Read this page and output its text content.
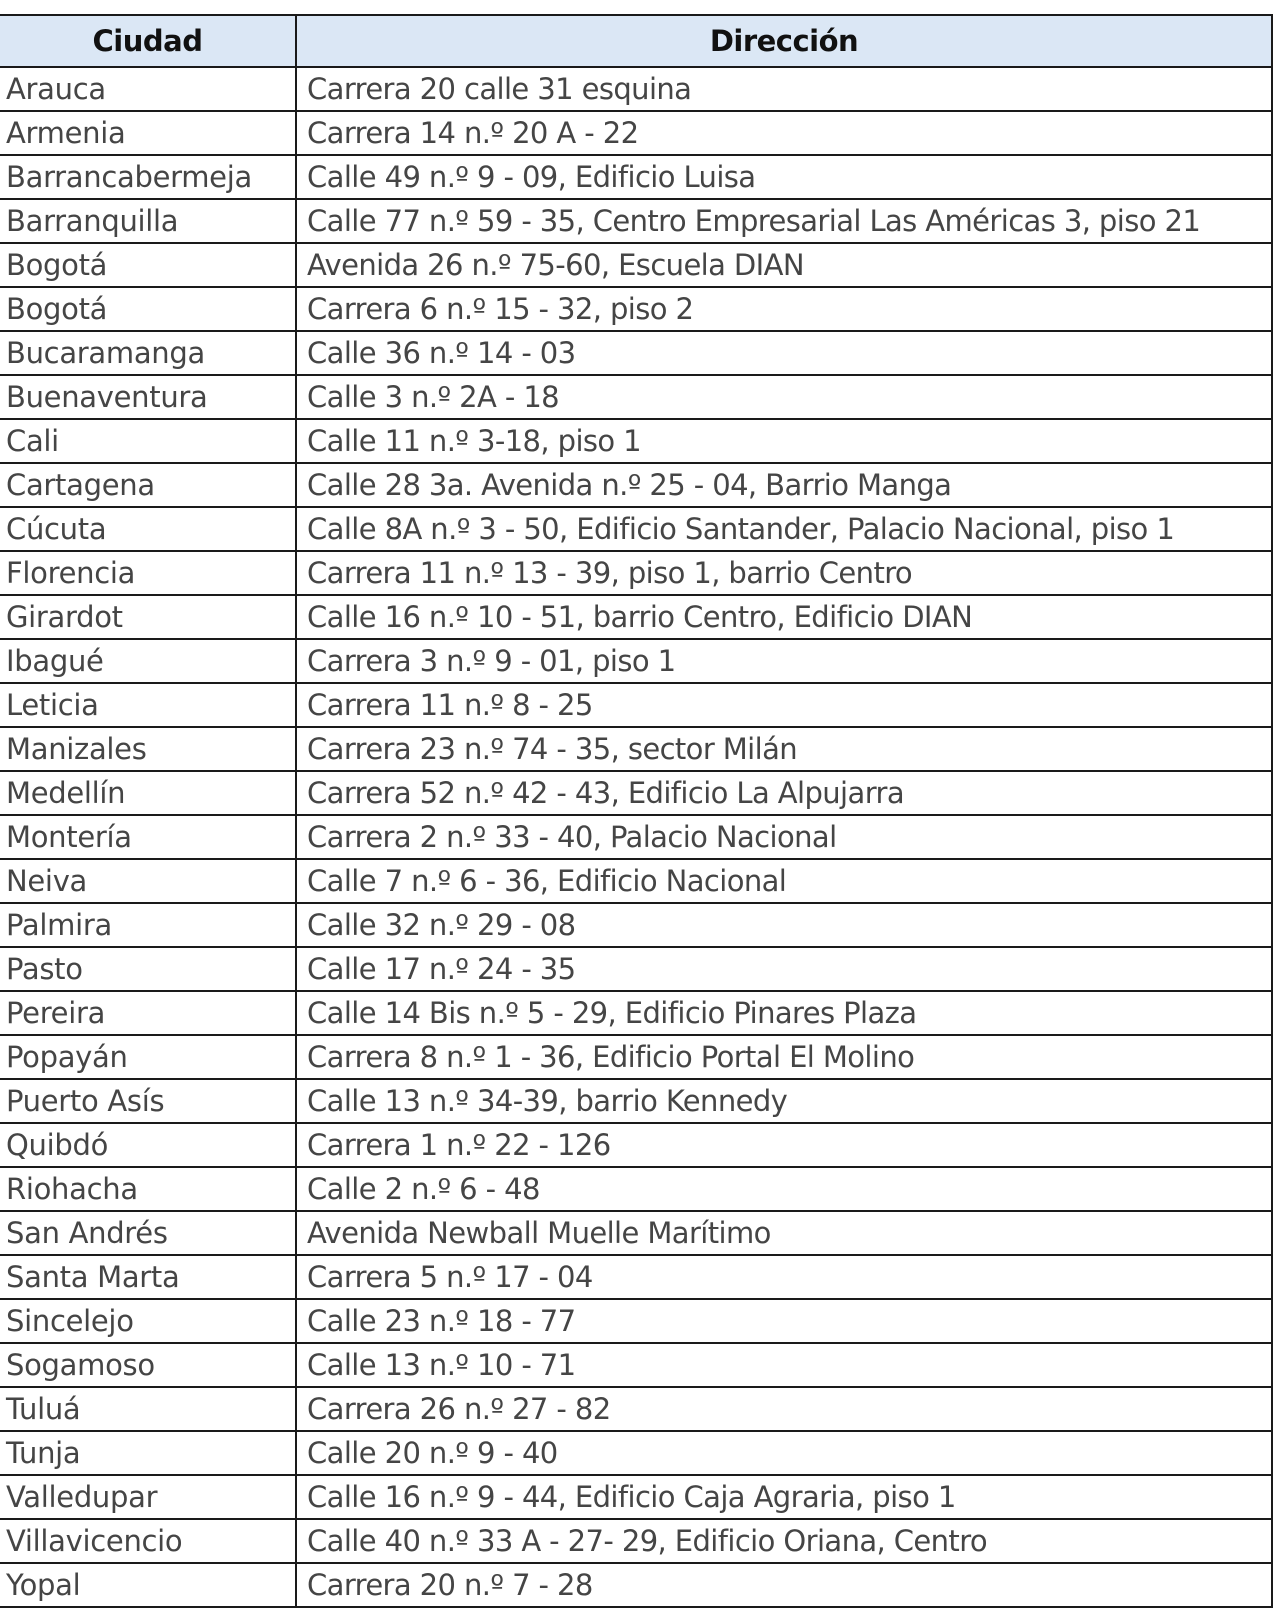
Ciudad	Dirección
Arauca	Carrera 20 calle 31 esquina
Armenia	Carrera 14 n.º 20 A - 22
Barrancabermeja	Calle 49 n.º 9 - 09, Edificio Luisa
Barranquilla	Calle 77 n.º 59 - 35, Centro Empresarial Las Américas 3, piso 21
Bogotá	Avenida 26 n.º 75-60, Escuela DIAN
Bogotá	Carrera 6 n.º 15 - 32, piso 2
Bucaramanga	Calle 36 n.º 14 - 03
Buenaventura	Calle 3 n.º 2A - 18
Cali	Calle 11 n.º 3-18, piso 1
Cartagena	Calle 28 3a. Avenida n.º 25 - 04, Barrio Manga
Cúcuta	Calle 8A n.º 3 - 50, Edificio Santander, Palacio Nacional, piso 1
Florencia	Carrera 11 n.º 13 - 39, piso 1, barrio Centro
Girardot	Calle 16 n.º 10 - 51, barrio Centro, Edificio DIAN
Ibagué	Carrera 3 n.º 9 - 01, piso 1
Leticia	Carrera 11 n.º 8 - 25
Manizales	Carrera 23 n.º 74 - 35, sector Milán
Medellín	Carrera 52 n.º 42 - 43, Edificio La Alpujarra
Montería	Carrera 2 n.º 33 - 40, Palacio Nacional
Neiva	Calle 7 n.º 6 - 36, Edificio Nacional
Palmira	Calle 32 n.º 29 - 08
Pasto	Calle 17 n.º 24 - 35
Pereira	Calle 14 Bis n.º 5 - 29, Edificio Pinares Plaza
Popayán	Carrera 8 n.º 1 - 36, Edificio Portal El Molino
Puerto Asís	Calle 13 n.º 34-39, barrio Kennedy
Quibdó	Carrera 1 n.º 22 - 126
Riohacha	Calle 2 n.º 6 - 48
San Andrés	Avenida Newball Muelle Marítimo
Santa Marta	Carrera 5 n.º 17 - 04
Sincelejo	Calle 23 n.º 18 - 77
Sogamoso	Calle 13 n.º 10 - 71
Tuluá	Carrera 26 n.º 27 - 82
Tunja	Calle 20 n.º 9 - 40
Valledupar	Calle 16 n.º 9 - 44, Edificio Caja Agraria, piso 1
Villavicencio	Calle 40 n.º 33 A - 27- 29, Edificio Oriana, Centro
Yopal	Carrera 20 n.º 7 - 28
